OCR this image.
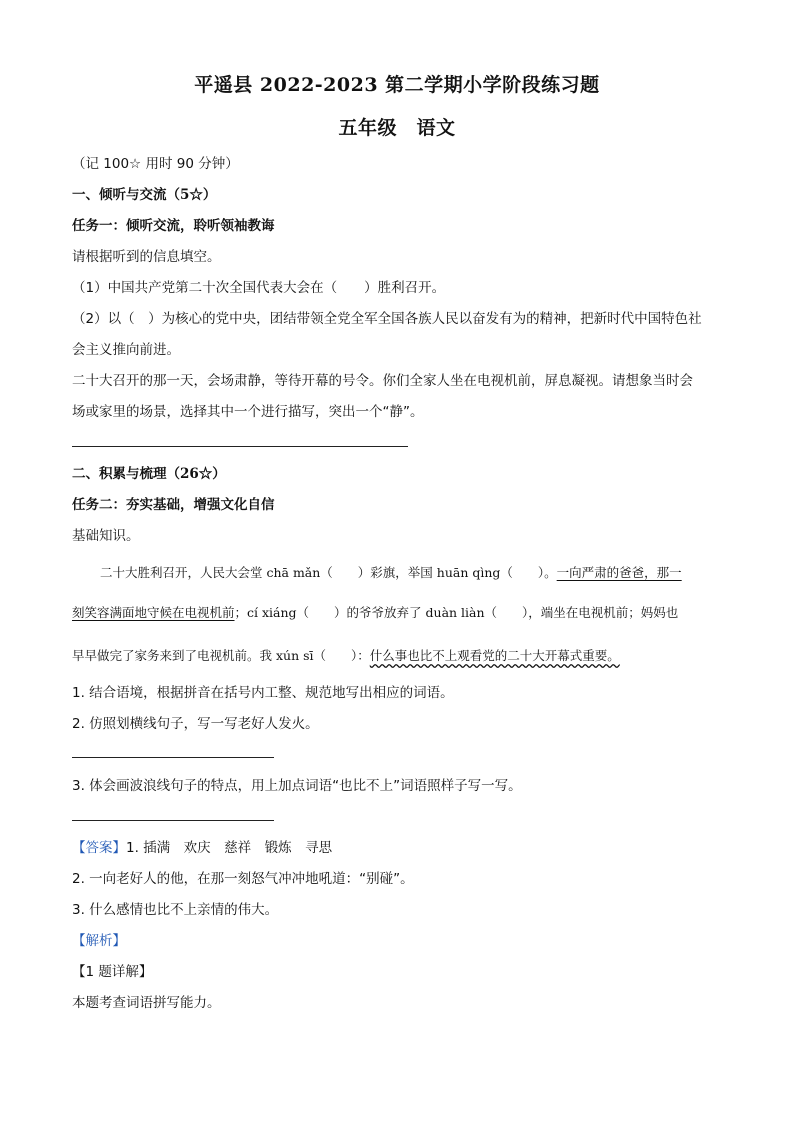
平遥县 2022-2023 第二学期小学阶段练习题
五年级　语文
（记 100☆ 用时 90 分钟）
一、倾听与交流（5☆）
任务一：倾听交流，聆听领袖教诲
请根据听到的信息填空。
（1）中国共产党第二十次全国代表大会在（　　）胜利召开。
（2）以（　）为核心的党中央，团结带领全党全军全国各族人民以奋发有为的精神，把新时代中国特色社
会主义推向前进。
二十大召开的那一天，会场肃静，等待开幕的号令。你们全家人坐在电视机前，屏息凝视。请想象当时会
场或家里的场景，选择其中一个进行描写，突出一个“静”。
二、积累与梳理（26☆）
任务二：夯实基础，增强文化自信
基础知识。
二十大胜利召开，人民大会堂 chā mǎn（　　）彩旗，举国 huān qìng（　　）。一向严肃的爸爸，那一
刻笑容满面地守候在电视机前；cí xiáng（　　）的爷爷放弃了 duàn liàn（　　），端坐在电视机前；妈妈也
早早做完了家务来到了电视机前。我 xún sī（　　）：什么事也比不上观看党的二十大开幕式重要。
1. 结合语境，根据拼音在括号内工整、规范地写出相应的词语。
2. 仿照划横线句子，写一写老好人发火。
3. 体会画波浪线句子的特点，用上加点词语“也比不上”词语照样子写一写。
【答案】1. 插满　欢庆　慈祥　锻炼　寻思
2. 一向老好人的他，在那一刻怒气冲冲地吼道：“别碰”。
3. 什么感情也比不上亲情的伟大。
【解析】
【1 题详解】
本题考查词语拼写能力。
